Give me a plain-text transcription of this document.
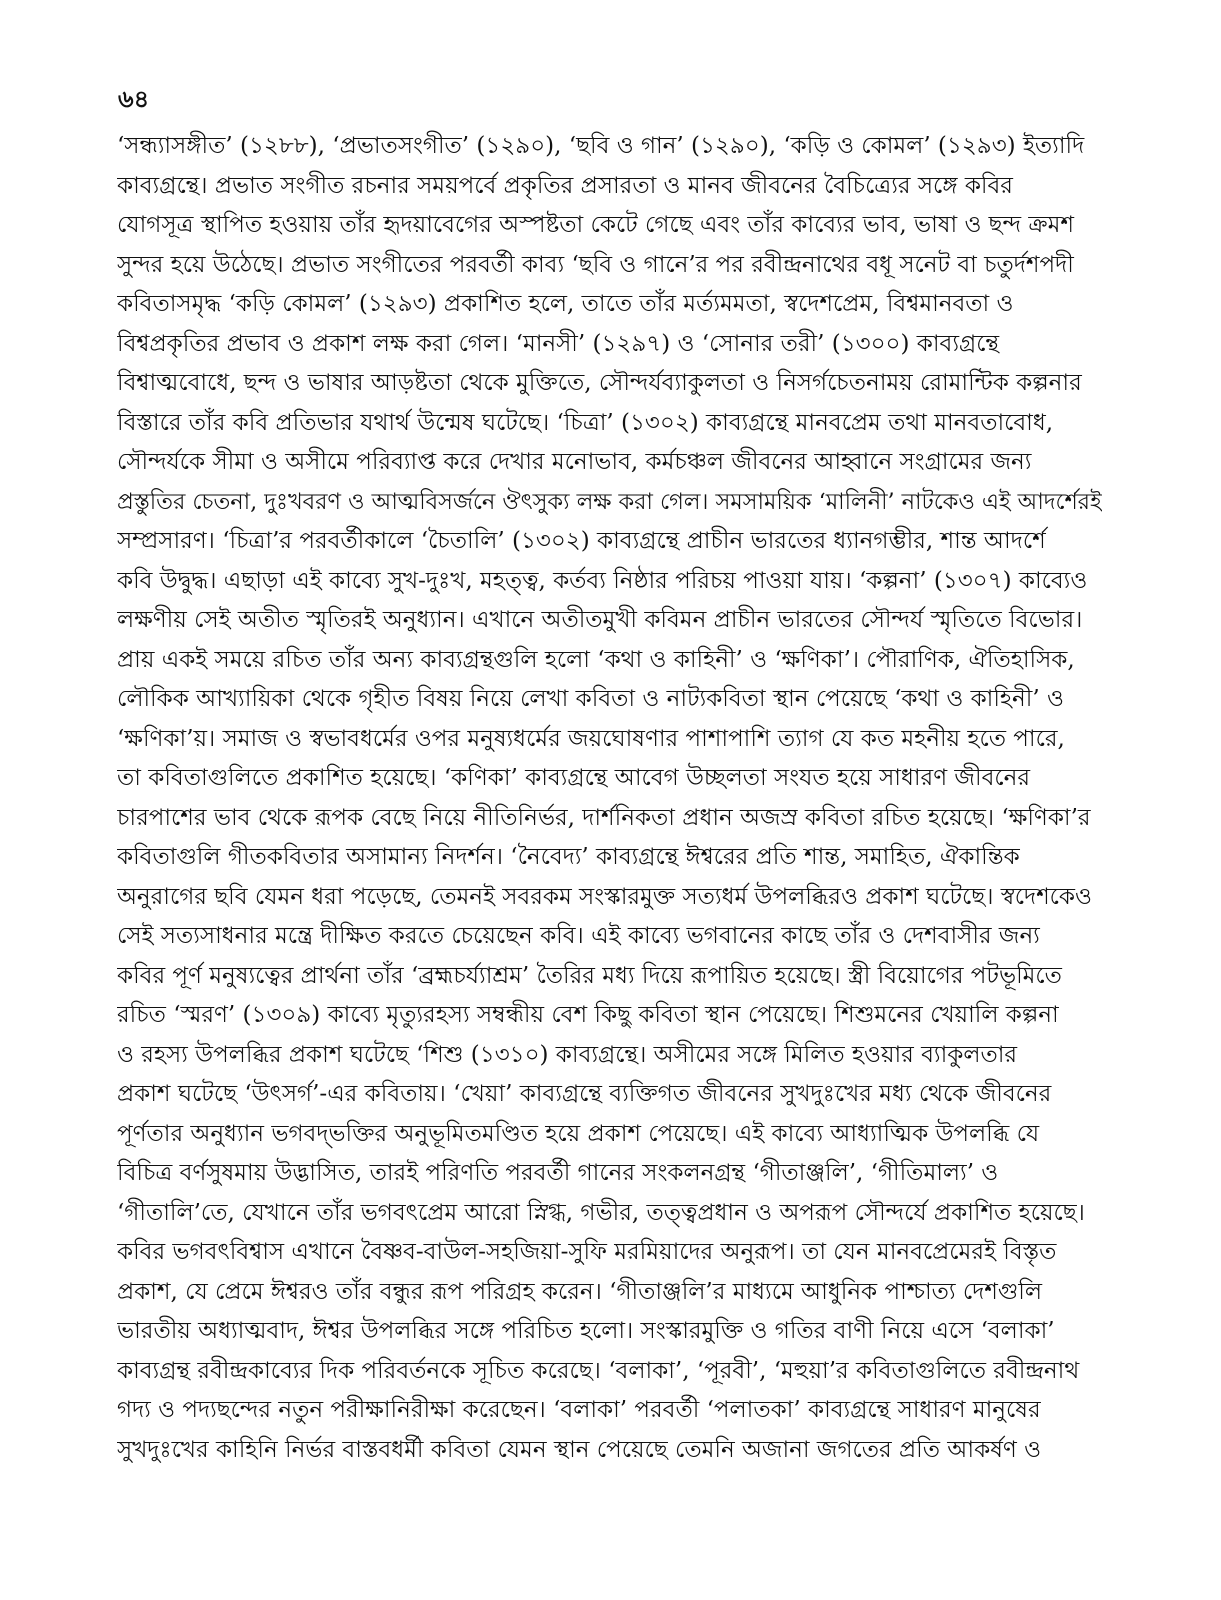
৬৪
‘সন্ধ্যাসঙ্গীত’ (১২৮৮), ‘প্রভাতসংগীত’ (১২৯০), ‘ছবি ও গান’ (১২৯০), ‘কড়ি ও কোমল’ (১২৯৩) ইত্যাদি
কাব্যগ্রন্থে। প্রভাত সংগীত রচনার সময়পর্বে প্রকৃতির প্রসারতা ও মানব জীবনের বৈচিত্র্যের সঙ্গে কবির
যোগসূত্র স্থাপিত হওয়ায় তাঁর হৃদয়াবেগের অস্পষ্টতা কেটে গেছে এবং তাঁর কাব্যের ভাব, ভাষা ও ছন্দ ক্রমশ
সুন্দর হয়ে উঠেছে। প্রভাত সংগীতের পরবর্তী কাব্য ‘ছবি ও গানে’র পর রবীন্দ্রনাথের বধূ সনেট বা চতুর্দশপদী
কবিতাসমৃদ্ধ ‘কড়ি কোমল’ (১২৯৩) প্রকাশিত হলে, তাতে তাঁর মর্ত্যমমতা, স্বদেশপ্রেম, বিশ্বমানবতা ও
বিশ্বপ্রকৃতির প্রভাব ও প্রকাশ লক্ষ করা গেল। ‘মানসী’ (১২৯৭) ও ‘সোনার তরী’ (১৩০০) কাব্যগ্রন্থে
বিশ্বাত্মবোধে, ছন্দ ও ভাষার আড়ষ্টতা থেকে মুক্তিতে, সৌন্দর্যব্যাকুলতা ও নিসর্গচেতনাময় রোমান্টিক কল্পনার
বিস্তারে তাঁর কবি প্রতিভার যথার্থ উন্মেষ ঘটেছে। ‘চিত্রা’ (১৩০২) কাব্যগ্রন্থে মানবপ্রেম তথা মানবতাবোধ,
সৌন্দর্যকে সীমা ও অসীমে পরিব্যাপ্ত করে দেখার মনোভাব, কর্মচঞ্চল জীবনের আহ্বানে সংগ্রামের জন্য
প্রস্তুতির চেতনা, দুঃখবরণ ও আত্মবিসর্জনে ঔৎসুক্য লক্ষ করা গেল। সমসাময়িক ‘মালিনী’ নাটকেও এই আদর্শেরই
সম্প্রসারণ। ‘চিত্রা’র পরবর্তীকালে ‘চৈতালি’ (১৩০২) কাব্যগ্রন্থে প্রাচীন ভারতের ধ্যানগম্ভীর, শান্ত আদর্শে
কবি উদ্বুদ্ধ। এছাড়া এই কাব্যে সুখ-দুঃখ, মহত্ত্ব, কর্তব্য নিষ্ঠার পরিচয় পাওয়া যায়। ‘কল্পনা’ (১৩০৭) কাব্যেও
লক্ষণীয় সেই অতীত স্মৃতিরই অনুধ্যান। এখানে অতীতমুখী কবিমন প্রাচীন ভারতের সৌন্দর্য স্মৃতিতে বিভোর।
প্রায় একই সময়ে রচিত তাঁর অন্য কাব্যগ্রন্থগুলি হলো ‘কথা ও কাহিনী’ ও ‘ক্ষণিকা’। পৌরাণিক, ঐতিহাসিক,
লৌকিক আখ্যায়িকা থেকে গৃহীত বিষয় নিয়ে লেখা কবিতা ও নাট্যকবিতা স্থান পেয়েছে ‘কথা ও কাহিনী’ ও
‘ক্ষণিকা’য়। সমাজ ও স্বভাবধর্মের ওপর মনুষ্যধর্মের জয়ঘোষণার পাশাপাশি ত্যাগ যে কত মহনীয় হতে পারে,
তা কবিতাগুলিতে প্রকাশিত হয়েছে। ‘কণিকা’ কাব্যগ্রন্থে আবেগ উচ্ছলতা সংযত হয়ে সাধারণ জীবনের
চারপাশের ভাব থেকে রূপক বেছে নিয়ে নীতিনির্ভর, দার্শনিকতা প্রধান অজস্র কবিতা রচিত হয়েছে। ‘ক্ষণিকা’র
কবিতাগুলি গীতকবিতার অসামান্য নিদর্শন। ‘নৈবেদ্য’ কাব্যগ্রন্থে ঈশ্বরের প্রতি শান্ত, সমাহিত, ঐকান্তিক
অনুরাগের ছবি যেমন ধরা পড়েছে, তেমনই সবরকম সংস্কারমুক্ত সত্যধর্ম উপলব্ধিরও প্রকাশ ঘটেছে। স্বদেশকেও
সেই সত্যসাধনার মন্ত্রে দীক্ষিত করতে চেয়েছেন কবি। এই কাব্যে ভগবানের কাছে তাঁর ও দেশবাসীর জন্য
কবির পূর্ণ মনুষ্যত্বের প্রার্থনা তাঁর ‘ব্রহ্মচর্য্যাশ্রম’ তৈরির মধ্য দিয়ে রূপায়িত হয়েছে। স্ত্রী বিয়োগের পটভূমিতে
রচিত ‘স্মরণ’ (১৩০৯) কাব্যে মৃত্যুরহস্য সম্বন্ধীয় বেশ কিছু কবিতা স্থান পেয়েছে। শিশুমনের খেয়ালি কল্পনা
ও রহস্য উপলব্ধির প্রকাশ ঘটেছে ‘শিশু (১৩১০) কাব্যগ্রন্থে। অসীমের সঙ্গে মিলিত হওয়ার ব্যাকুলতার
প্রকাশ ঘটেছে ‘উৎসর্গ’-এর কবিতায়। ‘খেয়া’ কাব্যগ্রন্থে ব্যক্তিগত জীবনের সুখদুঃখের মধ্য থেকে জীবনের
পূর্ণতার অনুধ্যান ভগবদ্‌ভক্তির অনুভূমিতমণ্ডিত হয়ে প্রকাশ পেয়েছে। এই কাব্যে আধ্যাত্মিক উপলব্ধি যে
বিচিত্র বর্ণসুষমায় উদ্ভাসিত, তারই পরিণতি পরবর্তী গানের সংকলনগ্রন্থ ‘গীতাঞ্জলি’, ‘গীতিমাল্য’ ও
‘গীতালি’তে, যেখানে তাঁর ভগবৎপ্রেম আরো স্নিগ্ধ, গভীর, তত্ত্বপ্রধান ও অপরূপ সৌন্দর্যে প্রকাশিত হয়েছে।
কবির ভগবৎবিশ্বাস এখানে বৈষ্ণব-বাউল-সহজিয়া-সুফি মরমিয়াদের অনুরূপ। তা যেন মানবপ্রেমেরই বিস্তৃত
প্রকাশ, যে প্রেমে ঈশ্বরও তাঁর বন্ধুর রূপ পরিগ্রহ করেন। ‘গীতাঞ্জলি’র মাধ্যমে আধুনিক পাশ্চাত্য দেশগুলি
ভারতীয় অধ্যাত্মবাদ, ঈশ্বর উপলব্ধির সঙ্গে পরিচিত হলো। সংস্কারমুক্তি ও গতির বাণী নিয়ে এসে ‘বলাকা’
কাব্যগ্রন্থ রবীন্দ্রকাব্যের দিক পরিবর্তনকে সূচিত করেছে। ‘বলাকা’, ‘পূরবী’, ‘মহুয়া’র কবিতাগুলিতে রবীন্দ্রনাথ
গদ্য ও পদ্যছন্দের নতুন পরীক্ষানিরীক্ষা করেছেন। ‘বলাকা’ পরবর্তী ‘পলাতকা’ কাব্যগ্রন্থে সাধারণ মানুষের
সুখদুঃখের কাহিনি নির্ভর বাস্তবধর্মী কবিতা যেমন স্থান পেয়েছে তেমনি অজানা জগতের প্রতি আকর্ষণ ও
